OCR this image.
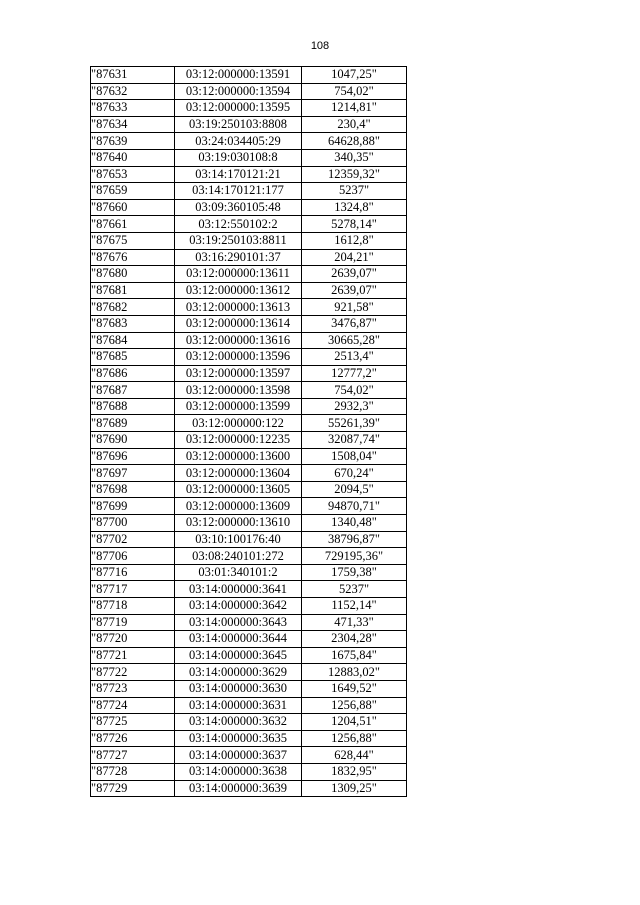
108
"87631	03:12:000000:13591	1047,25"
"87632	03:12:000000:13594	754,02"
"87633	03:12:000000:13595	1214,81"
"87634	03:19:250103:8808	230,4"
"87639	03:24:034405:29	64628,88"
"87640	03:19:030108:8	340,35"
"87653	03:14:170121:21	12359,32"
"87659	03:14:170121:177	5237"
"87660	03:09:360105:48	1324,8"
"87661	03:12:550102:2	5278,14"
"87675	03:19:250103:8811	1612,8"
"87676	03:16:290101:37	204,21"
"87680	03:12:000000:13611	2639,07"
"87681	03:12:000000:13612	2639,07"
"87682	03:12:000000:13613	921,58"
"87683	03:12:000000:13614	3476,87"
"87684	03:12:000000:13616	30665,28"
"87685	03:12:000000:13596	2513,4"
"87686	03:12:000000:13597	12777,2"
"87687	03:12:000000:13598	754,02"
"87688	03:12:000000:13599	2932,3"
"87689	03:12:000000:122	55261,39"
"87690	03:12:000000:12235	32087,74"
"87696	03:12:000000:13600	1508,04"
"87697	03:12:000000:13604	670,24"
"87698	03:12:000000:13605	2094,5"
"87699	03:12:000000:13609	94870,71"
"87700	03:12:000000:13610	1340,48"
"87702	03:10:100176:40	38796,87"
"87706	03:08:240101:272	729195,36"
"87716	03:01:340101:2	1759,38"
"87717	03:14:000000:3641	5237"
"87718	03:14:000000:3642	1152,14"
"87719	03:14:000000:3643	471,33"
"87720	03:14:000000:3644	2304,28"
"87721	03:14:000000:3645	1675,84"
"87722	03:14:000000:3629	12883,02"
"87723	03:14:000000:3630	1649,52"
"87724	03:14:000000:3631	1256,88"
"87725	03:14:000000:3632	1204,51"
"87726	03:14:000000:3635	1256,88"
"87727	03:14:000000:3637	628,44"
"87728	03:14:000000:3638	1832,95"
"87729	03:14:000000:3639	1309,25"
